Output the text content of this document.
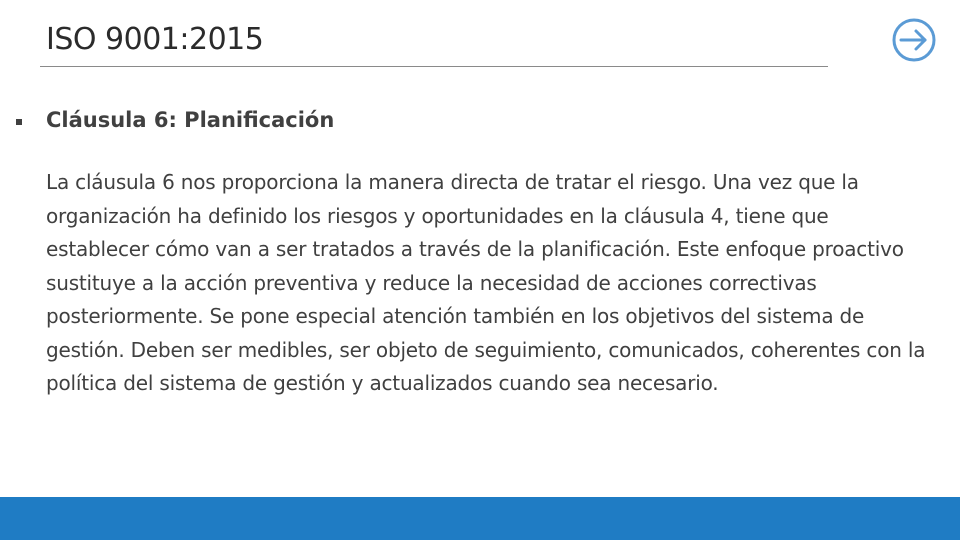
ISO 9001:2015
Cláusula 6: Planificación

La cláusula 6 nos proporciona la manera directa de tratar el riesgo. Una vez que la organización ha definido los riesgos y oportunidades en la cláusula 4, tiene que establecer cómo van a ser tratados a través de la planificación. Este enfoque proactivo sustituye a la acción preventiva y reduce la necesidad de acciones correctivas posteriormente. Se pone especial atención también en los objetivos del sistema de gestión. Deben ser medibles, ser objeto de seguimiento, comunicados, coherentes con la política del sistema de gestión y actualizados cuando sea necesario.
